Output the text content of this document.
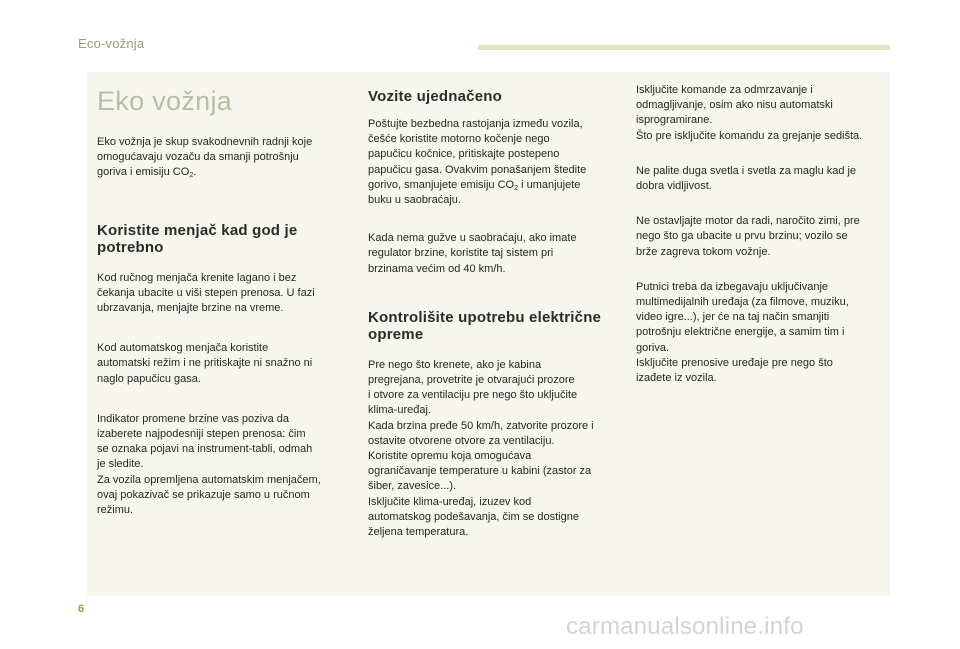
Eco-vožnja
Eko vožnja

Eko vožnja je skup svakodnevnih radnji koje
omogućavaju vozaču da smanji potrošnju
goriva i emisiju $CO_2$.

Koristite menjač kad god je potrebno

Kod ručnog menjača krenite lagano i bez
čekanja ubacite u viši stepen prenosa. U fazi
ubrzavanja, menjajte brzine na vreme.

Kod automatskog menjača koristite
automatski režim i ne pritiskajte ni snažno ni
naglo papučicu gasa.

Indikator promene brzine vas poziva da
izaberete najpodesniji stepen prenosa: čim
se oznaka pojavi na instrument-tabli, odmah
je sledite.
Za vozila opremljena automatskim menjačem,
ovaj pokazivač se prikazuje samo u ručnom
režimu.

Vozite ujednačeno

Poštujte bezbedna rastojanja između vozila,
češće koristite motorno kočenje nego
papučicu kočnice, pritiskajte postepeno
papučicu gasa. Ovakvim ponašanjem štedite
gorivo, smanjujete emisiju $CO_2$ i umanjujete
buku u saobraćaju.

Kada nema gužve u saobraćaju, ako imate
regulator brzine, koristite taj sistem pri
brzinama većim od 40 km/h.

Kontrolišite upotrebu električne opreme

Pre nego što krenete, ako je kabina
pregrejana, provetrite je otvarajući prozore
i otvore za ventilaciju pre nego što uključite
klima-uređaj.
Kada brzina pređe 50 km/h, zatvorite prozore i
ostavite otvorene otvore za ventilaciju.
Koristite opremu koja omogućava
ograničavanje temperature u kabini (zastor za
šiber, zavesice...).
Isključite klima-uređaj, izuzev kod
automatskog podešavanja, čim se dostigne
željena temperatura.

Isključite komande za odmrzavanje i
odmagljivanje, osim ako nisu automatski
isprogramirane.
Što pre isključite komandu za grejanje sedišta.

Ne palite duga svetla i svetla za maglu kad je
dobra vidljivost.

Ne ostavljajte motor da radi, naročito zimi, pre
nego što ga ubacite u prvu brzinu; vozilo se
brže zagreva tokom vožnje.

Putnici treba da izbegavaju uključivanje
multimedijalnih uređaja (za filmove, muziku,
video igre...), jer će na taj način smanjiti
potrošnju električne energije, a samim tim i
goriva.
Isključite prenosive uređaje pre nego što
izađete iz vozila.

6
carmanualsonline.info
